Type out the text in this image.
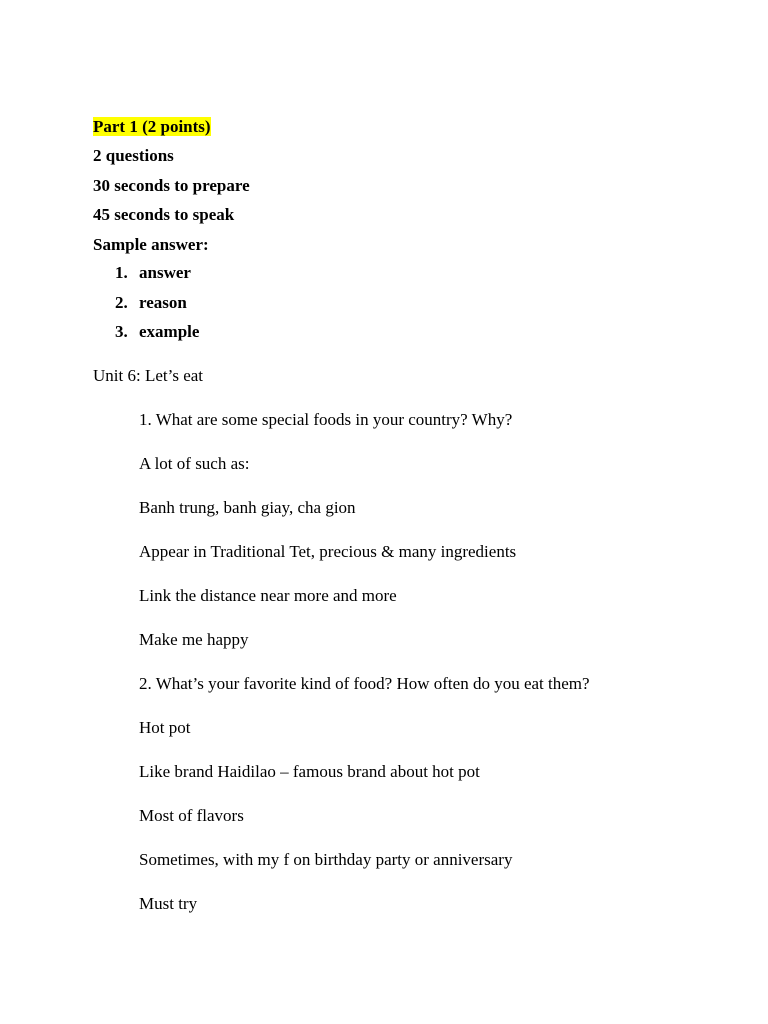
Part 1 (2 points)
2 questions
30 seconds to prepare
45 seconds to speak
Sample answer:
1. answer
2. reason
3. example
Unit 6: Let’s eat
1. What are some special foods in your country? Why?
A lot of such as:
Banh trung, banh giay, cha gion
Appear in Traditional Tet, precious & many ingredients
Link the distance near more and more
Make me happy
2. What’s your favorite kind of food? How often do you eat them?
Hot pot
Like brand Haidilao – famous brand about hot pot
Most of flavors
Sometimes, with my f on birthday party or anniversary
Must try
